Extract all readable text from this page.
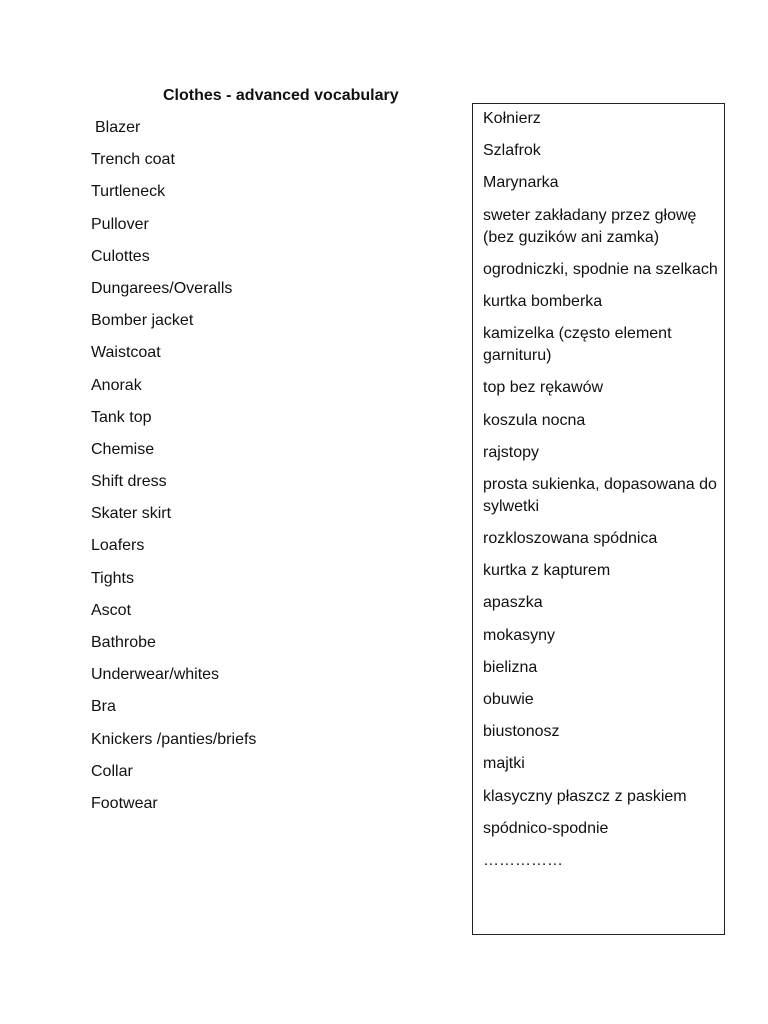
Clothes - advanced vocabulary
Blazer
Trench coat
Turtleneck
Pullover
Culottes
Dungarees/Overalls
Bomber jacket
Waistcoat
Anorak
Tank top
Chemise
Shift dress
Skater skirt
Loafers
Tights
Ascot
Bathrobe
Underwear/whites
Bra
Knickers /panties/briefs
Collar
Footwear
Kołnierz
Szlafrok
Marynarka
sweter zakładany przez głowę (bez guzików ani zamka)
ogrodniczki, spodnie na szelkach
kurtka bomberka
kamizelka (często element garnituru)
top bez rękawów
koszula nocna
rajstopy
prosta sukienka, dopasowana do sylwetki
rozkloszowana spódnica
kurtka z kapturem
apaszka
mokasyny
bielizna
obuwie
biustonosz
majtki
klasyczny płaszcz z paskiem
spódnico-spodnie
……………
